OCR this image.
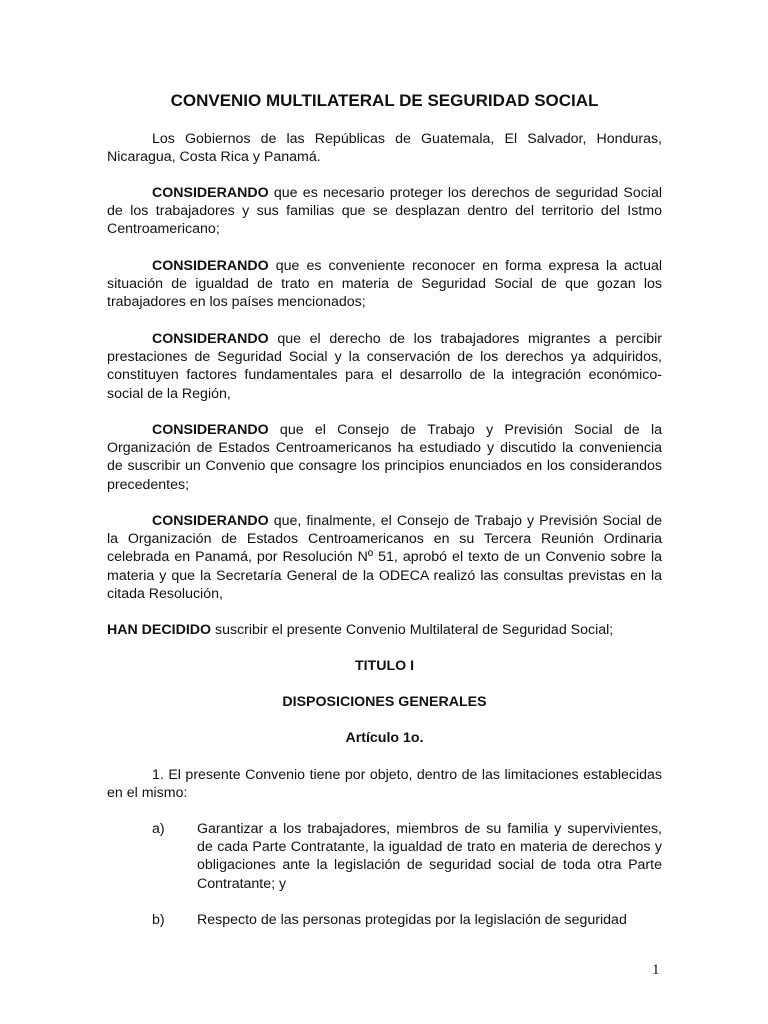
CONVENIO MULTILATERAL DE SEGURIDAD SOCIAL

Los Gobiernos de las Repúblicas de Guatemala, El Salvador, Honduras, Nicaragua, Costa Rica y Panamá.

CONSIDERANDO que es necesario proteger los derechos de seguridad Social de los trabajadores y sus familias que se desplazan dentro del territorio del Istmo Centroamericano;

CONSIDERANDO que es conveniente reconocer en forma expresa la actual situación de igualdad de trato en materia de Seguridad Social de que gozan los trabajadores en los países mencionados;

CONSIDERANDO que el derecho de los trabajadores migrantes a percibir prestaciones de Seguridad Social y la conservación de los derechos ya adquiridos, constituyen factores fundamentales para el desarrollo de la integración económico-social de la Región,

CONSIDERANDO que el Consejo de Trabajo y Previsión Social de la Organización de Estados Centroamericanos ha estudiado y discutido la conveniencia de suscribir un Convenio que consagre los principios enunciados en los considerandos precedentes;

CONSIDERANDO que, finalmente, el Consejo de Trabajo y Previsión Social de la Organización de Estados Centroamericanos en su Tercera Reunión Ordinaria celebrada en Panamá, por Resolución Nº 51, aprobó el texto de un Convenio sobre la materia y que la Secretaría General de la ODECA realizó las consultas previstas en la citada Resolución,

HAN DECIDIDO suscribir el presente Convenio Multilateral de Seguridad Social;

TITULO I

DISPOSICIONES GENERALES

Artículo 1o.

1. El presente Convenio tiene por objeto, dentro de las limitaciones establecidas en el mismo:

a) Garantizar a los trabajadores, miembros de su familia y supervivientes, de cada Parte Contratante, la igualdad de trato en materia de derechos y obligaciones ante la legislación de seguridad social de toda otra Parte Contratante; y
b) Respecto de las personas protegidas por la legislación de seguridad
1
